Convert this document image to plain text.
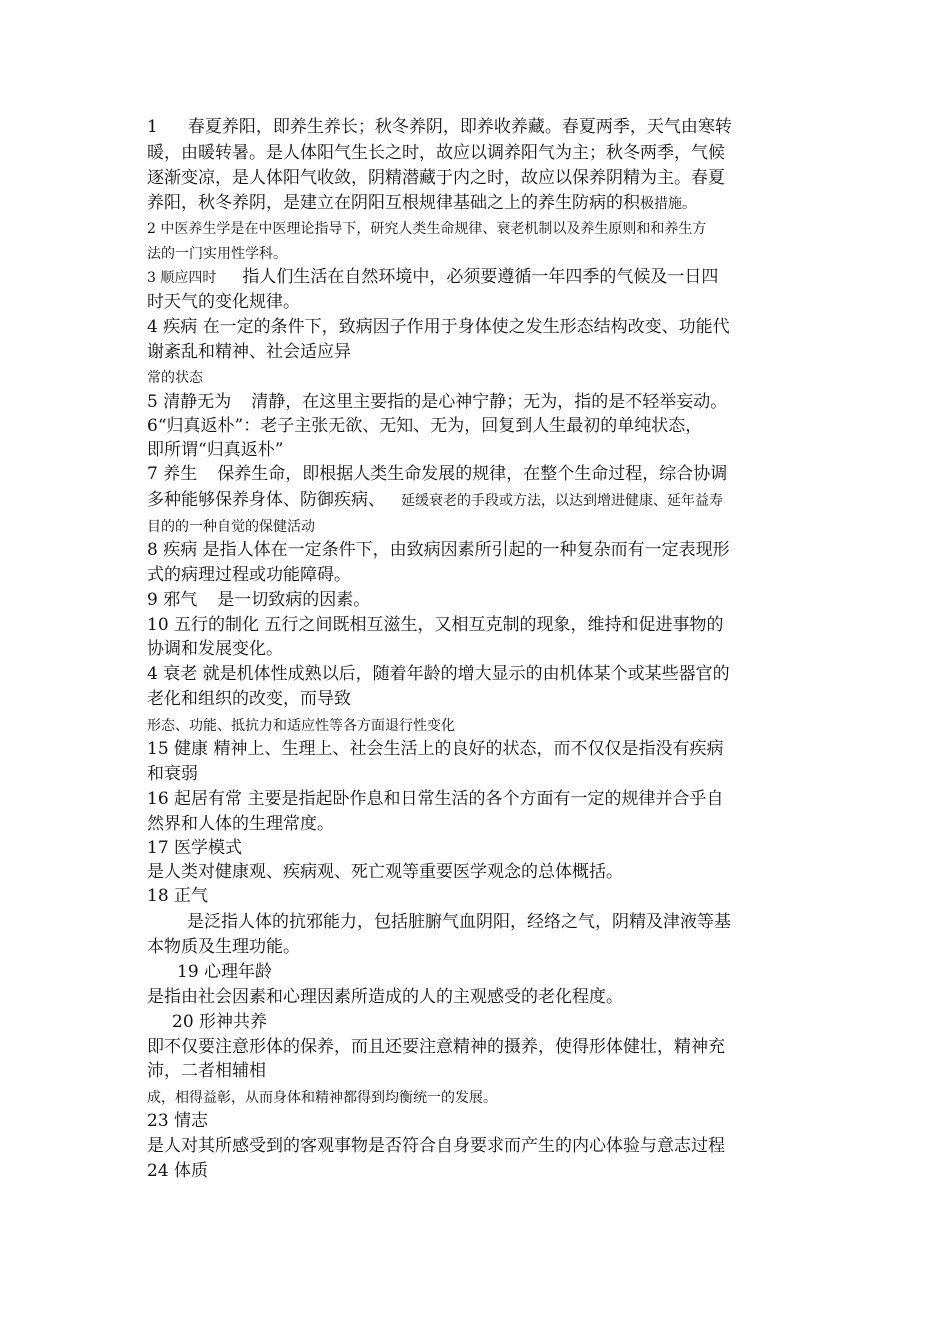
1 春夏养阳，即养生养长；秋冬养阴，即养收养藏。春夏两季，天气由寒转
暖，由暖转暑。是人体阳气生长之时，故应以调养阳气为主；秋冬两季，气候
逐渐变凉，是人体阳气收敛，阴精潜藏于内之时，故应以保养阴精为主。春夏
养阳，秋冬养阴，是建立在阴阳互根规律基础之上的养生防病的积极措施。
2 中医养生学是在中医理论指导下，研究人类生命规律、衰老机制以及养生原则和和养生方
法的一门实用性学科。
3 顺应四时 指人们生活在自然环境中，必须要遵循一年四季的气候及一日四
时天气的变化规律。
4 疾病 在一定的条件下，致病因子作用于身体使之发生形态结构改变、功能代
谢紊乱和精神、社会适应异
常的状态
5 清静无为 清静，在这里主要指的是心神宁静；无为，指的是不轻举妄动。
6“归真返朴”：老子主张无欲、无知、无为，回复到人生最初的单纯状态，
即所谓“归真返朴”
7 养生 保养生命，即根据人类生命发展的规律，在整个生命过程，综合协调
多种能够保养身体、防御疾病、 延缓衰老的手段或方法，以达到增进健康、延年益寿
目的的一种自觉的保健活动
8 疾病 是指人体在一定条件下，由致病因素所引起的一种复杂而有一定表现形
式的病理过程或功能障碍。
9 邪气 是一切致病的因素。
10 五行的制化 五行之间既相互滋生，又相互克制的现象，维持和促进事物的
协调和发展变化。
4 衰老 就是机体性成熟以后，随着年龄的增大显示的由机体某个或某些器官的
老化和组织的改变，而导致
形态、功能、抵抗力和适应性等各方面退行性变化
15 健康 精神上、生理上、社会生活上的良好的状态，而不仅仅是指没有疾病
和衰弱
16 起居有常 主要是指起卧作息和日常生活的各个方面有一定的规律并合乎自
然界和人体的生理常度。
17 医学模式
是人类对健康观、疾病观、死亡观等重要医学观念的总体概括。
18 正气
是泛指人体的抗邪能力，包括脏腑气血阴阳，经络之气，阴精及津液等基
本物质及生理功能。
19 心理年龄
是指由社会因素和心理因素所造成的人的主观感受的老化程度。
20 形神共养
即不仅要注意形体的保养，而且还要注意精神的摄养，使得形体健壮，精神充
沛，二者相辅相
成，相得益彰，从而身体和精神都得到均衡统一的发展。
23 情志
是人对其所感受到的客观事物是否符合自身要求而产生的内心体验与意志过程
24 体质
